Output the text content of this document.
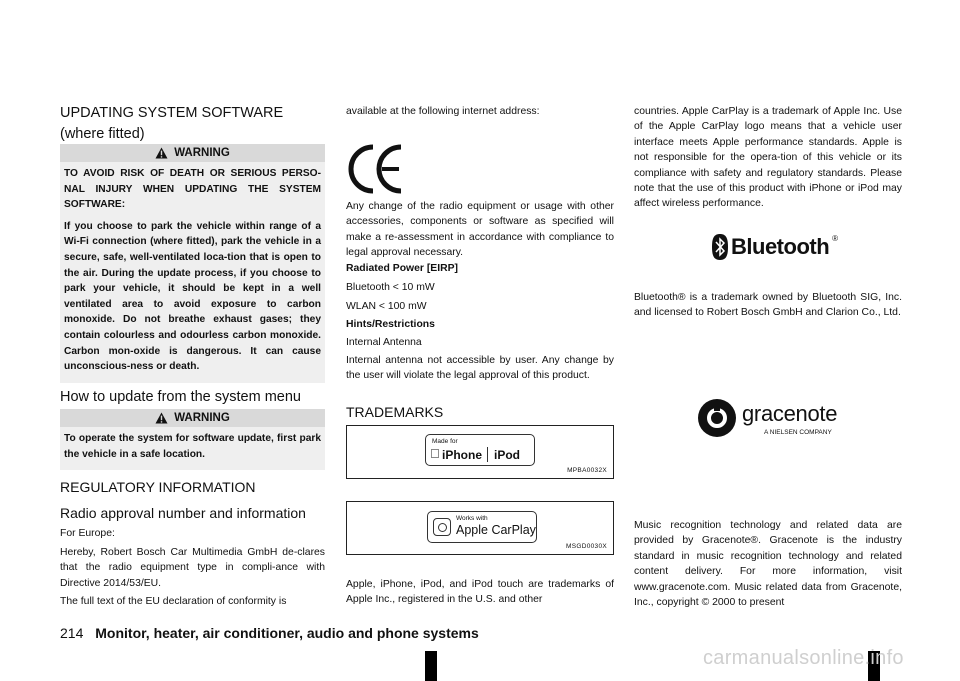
UPDATING SYSTEM SOFTWARE (where fitted)

WARNING

TO AVOID RISK OF DEATH OR SERIOUS PERSO-NAL INJURY WHEN UPDATING THE SYSTEM SOFTWARE:

If you choose to park the vehicle within range of a Wi-Fi connection (where fitted), park the vehicle in a secure, safe, well-ventilated loca-tion that is open to the air. During the update process, if you choose to park your vehicle, it should be kept in a well ventilated area to avoid exposure to carbon monoxide. Do not breathe exhaust gases; they contain colourless and odourless carbon monoxide. Carbon mon-oxide is dangerous. It can cause unconscious-ness or death.

How to update from the system menu

WARNING

To operate the system for software update, first park the vehicle in a safe location.

REGULATORY INFORMATION

Radio approval number and information

For Europe:

Hereby, Robert Bosch Car Multimedia GmbH de-clares that the radio equipment type in compli-ance with Directive 2014/53/EU.

The full text of the EU declaration of conformity is

available at the following internet address:

CE

Any change of the radio equipment or usage with other accessories, components or software as specified will make a re-assessment in accordance with compliance to legal approval necessary.

Radiated Power [EIRP]

Bluetooth < 10 mW

WLAN < 100 mW

Hints/Restrictions

Internal Antenna

Internal antenna not accessible by user. Any change by the user will violate the legal approval of this product.

TRADEMARKS

Made for
iPhone iPod
MPBA0032X
Works with
Apple CarPlay
MSGD0030X

Apple, iPhone, iPod, and iPod touch are trademarks of Apple Inc., registered in the U.S. and other

countries. Apple CarPlay is a trademark of Apple Inc. Use of the Apple CarPlay logo means that a vehicle user interface meets Apple performance standards. Apple is not responsible for the opera-tion of this vehicle or its compliance with safety and regulatory standards. Please note that the use of this product with iPhone or iPod may affect wireless performance.

Bluetooth ®

Bluetooth® is a trademark owned by Bluetooth SIG, Inc. and licensed to Robert Bosch GmbH and Clarion Co., Ltd.

gracenote
A NIELSEN COMPANY

Music recognition technology and related data are provided by Gracenote®. Gracenote is the industry standard in music recognition technology and related content delivery. For more information, visit www.gracenote.com. Music related data from Gracenote, Inc., copyright © 2000 to present

214 Monitor, heater, air conditioner, audio and phone systems
carmanualsonline.info
